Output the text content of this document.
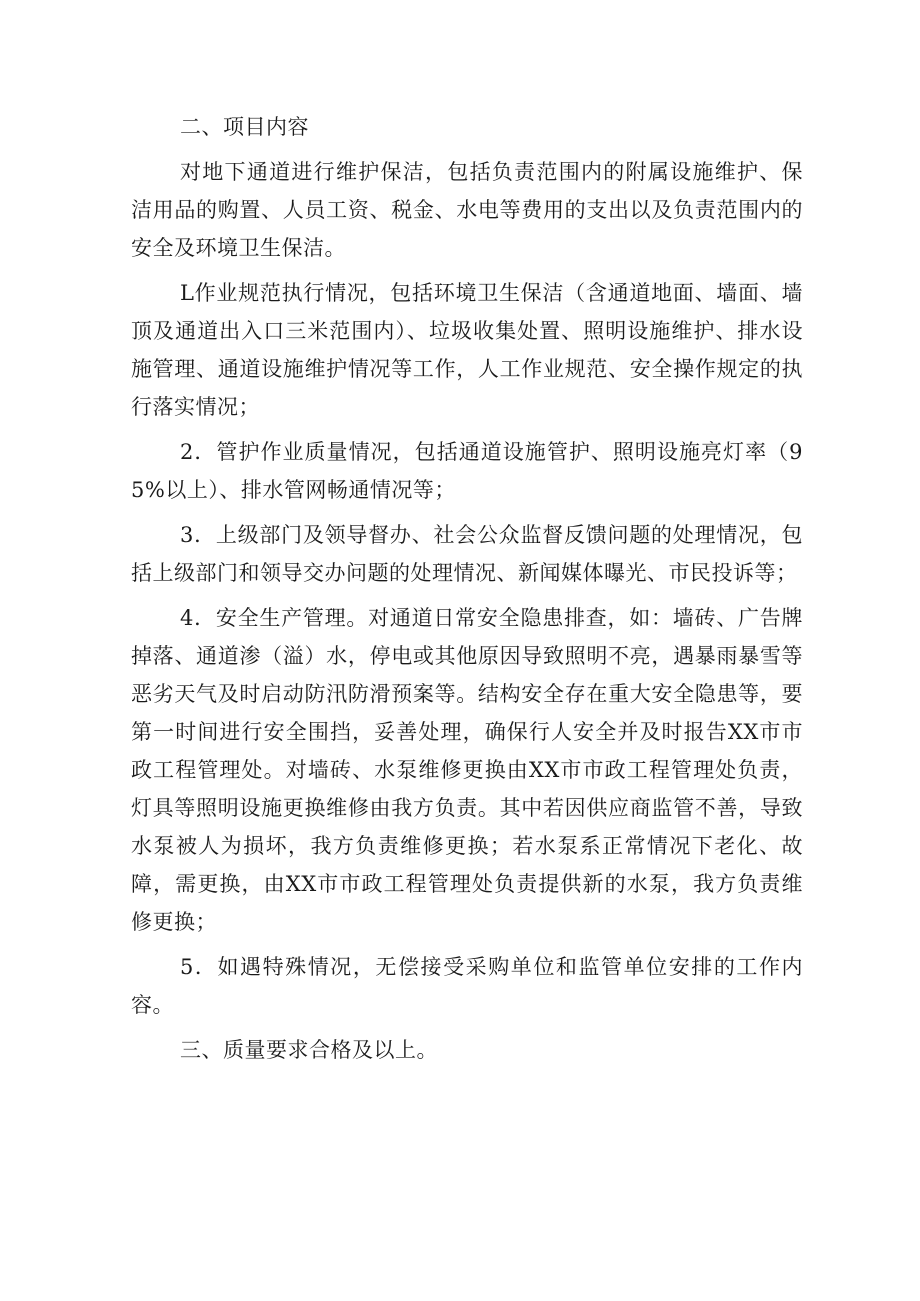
二、项目内容

对地下通道进行维护保洁，包括负责范围内的附属设施维护、保洁用品的购置、人员工资、税金、水电等费用的支出以及负责范围内的安全及环境卫生保洁。

L作业规范执行情况，包括环境卫生保洁（含通道地面、墙面、墙顶及通道出入口三米范围内）、垃圾收集处置、照明设施维护、排水设施管理、通道设施维护情况等工作，人工作业规范、安全操作规定的执行落实情况；

2．管护作业质量情况，包括通道设施管护、照明设施亮灯率（95%以上）、排水管网畅通情况等；

3．上级部门及领导督办、社会公众监督反馈问题的处理情况，包括上级部门和领导交办问题的处理情况、新闻媒体曝光、市民投诉等；

4．安全生产管理。对通道日常安全隐患排查，如：墙砖、广告牌掉落、通道渗（溢）水，停电或其他原因导致照明不亮，遇暴雨暴雪等恶劣天气及时启动防汛防滑预案等。结构安全存在重大安全隐患等，要第一时间进行安全围挡，妥善处理，确保行人安全并及时报告XX市市政工程管理处。对墙砖、水泵维修更换由XX市市政工程管理处负责，灯具等照明设施更换维修由我方负责。其中若因供应商监管不善，导致水泵被人为损坏，我方负责维修更换；若水泵系正常情况下老化、故障，需更换，由XX市市政工程管理处负责提供新的水泵，我方负责维修更换；

5．如遇特殊情况，无偿接受采购单位和监管单位安排的工作内容。

三、质量要求合格及以上。
